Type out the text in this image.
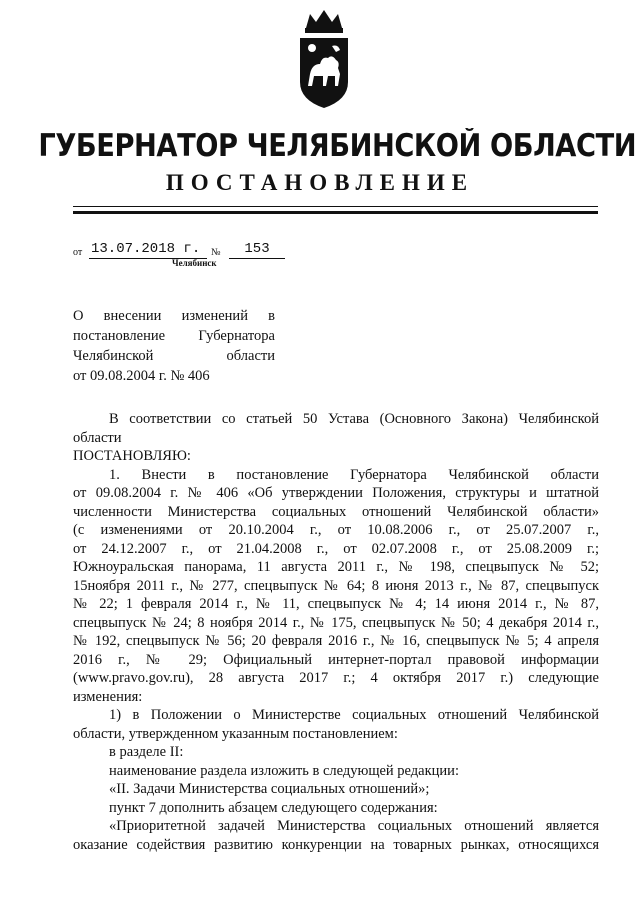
ГУБЕРНАТОР ЧЕЛЯБИНСКОЙ ОБЛАСТИ
ПОСТАНОВЛЕНИЕ
от 13.07.2018 г.	№	153
Челябинск
О внесении изменений в
постановление Губернатора
Челябинской области
от 09.08.2004 г. № 406
В соответствии со статьей 50 Устава (Основного Закона) Челябинской
области
ПОСТАНОВЛЯЮ:
1. Внести в постановление Губернатора Челябинской области
от 09.08.2004 г. № 406 «Об утверждении Положения, структуры и штатной
численности Министерства социальных отношений Челябинской области»
(с изменениями от 20.10.2004 г., от 10.08.2006 г., от 25.07.2007 г.,
от 24.12.2007 г., от 21.04.2008 г., от 02.07.2008 г., от 25.08.2009 г.;
Южноуральская панорама, 11 августа 2011 г., № 198, спецвыпуск № 52;
15ноября 2011 г., № 277, спецвыпуск № 64; 8 июня 2013 г., № 87, спецвыпуск
№ 22; 1 февраля 2014 г., № 11, спецвыпуск № 4; 14 июня 2014 г., № 87,
спецвыпуск № 24; 8 ноября 2014 г., № 175, спецвыпуск № 50; 4 декабря 2014 г.,
№ 192, спецвыпуск № 56; 20 февраля 2016 г., № 16, спецвыпуск № 5; 4 апреля
2016 г., № 29; Официальный интернет-портал правовой информации
(www.pravo.gov.ru), 28 августа 2017 г.; 4 октября 2017 г.) следующие
изменения:
1) в Положении о Министерстве социальных отношений Челябинской
области, утвержденном указанным постановлением:
в разделе II:
наименование раздела изложить в следующей редакции:
«II. Задачи Министерства социальных отношений»;
пункт 7 дополнить абзацем следующего содержания:
«Приоритетной задачей Министерства социальных отношений является
оказание содействия развитию конкуренции на товарных рынках, относящихся
